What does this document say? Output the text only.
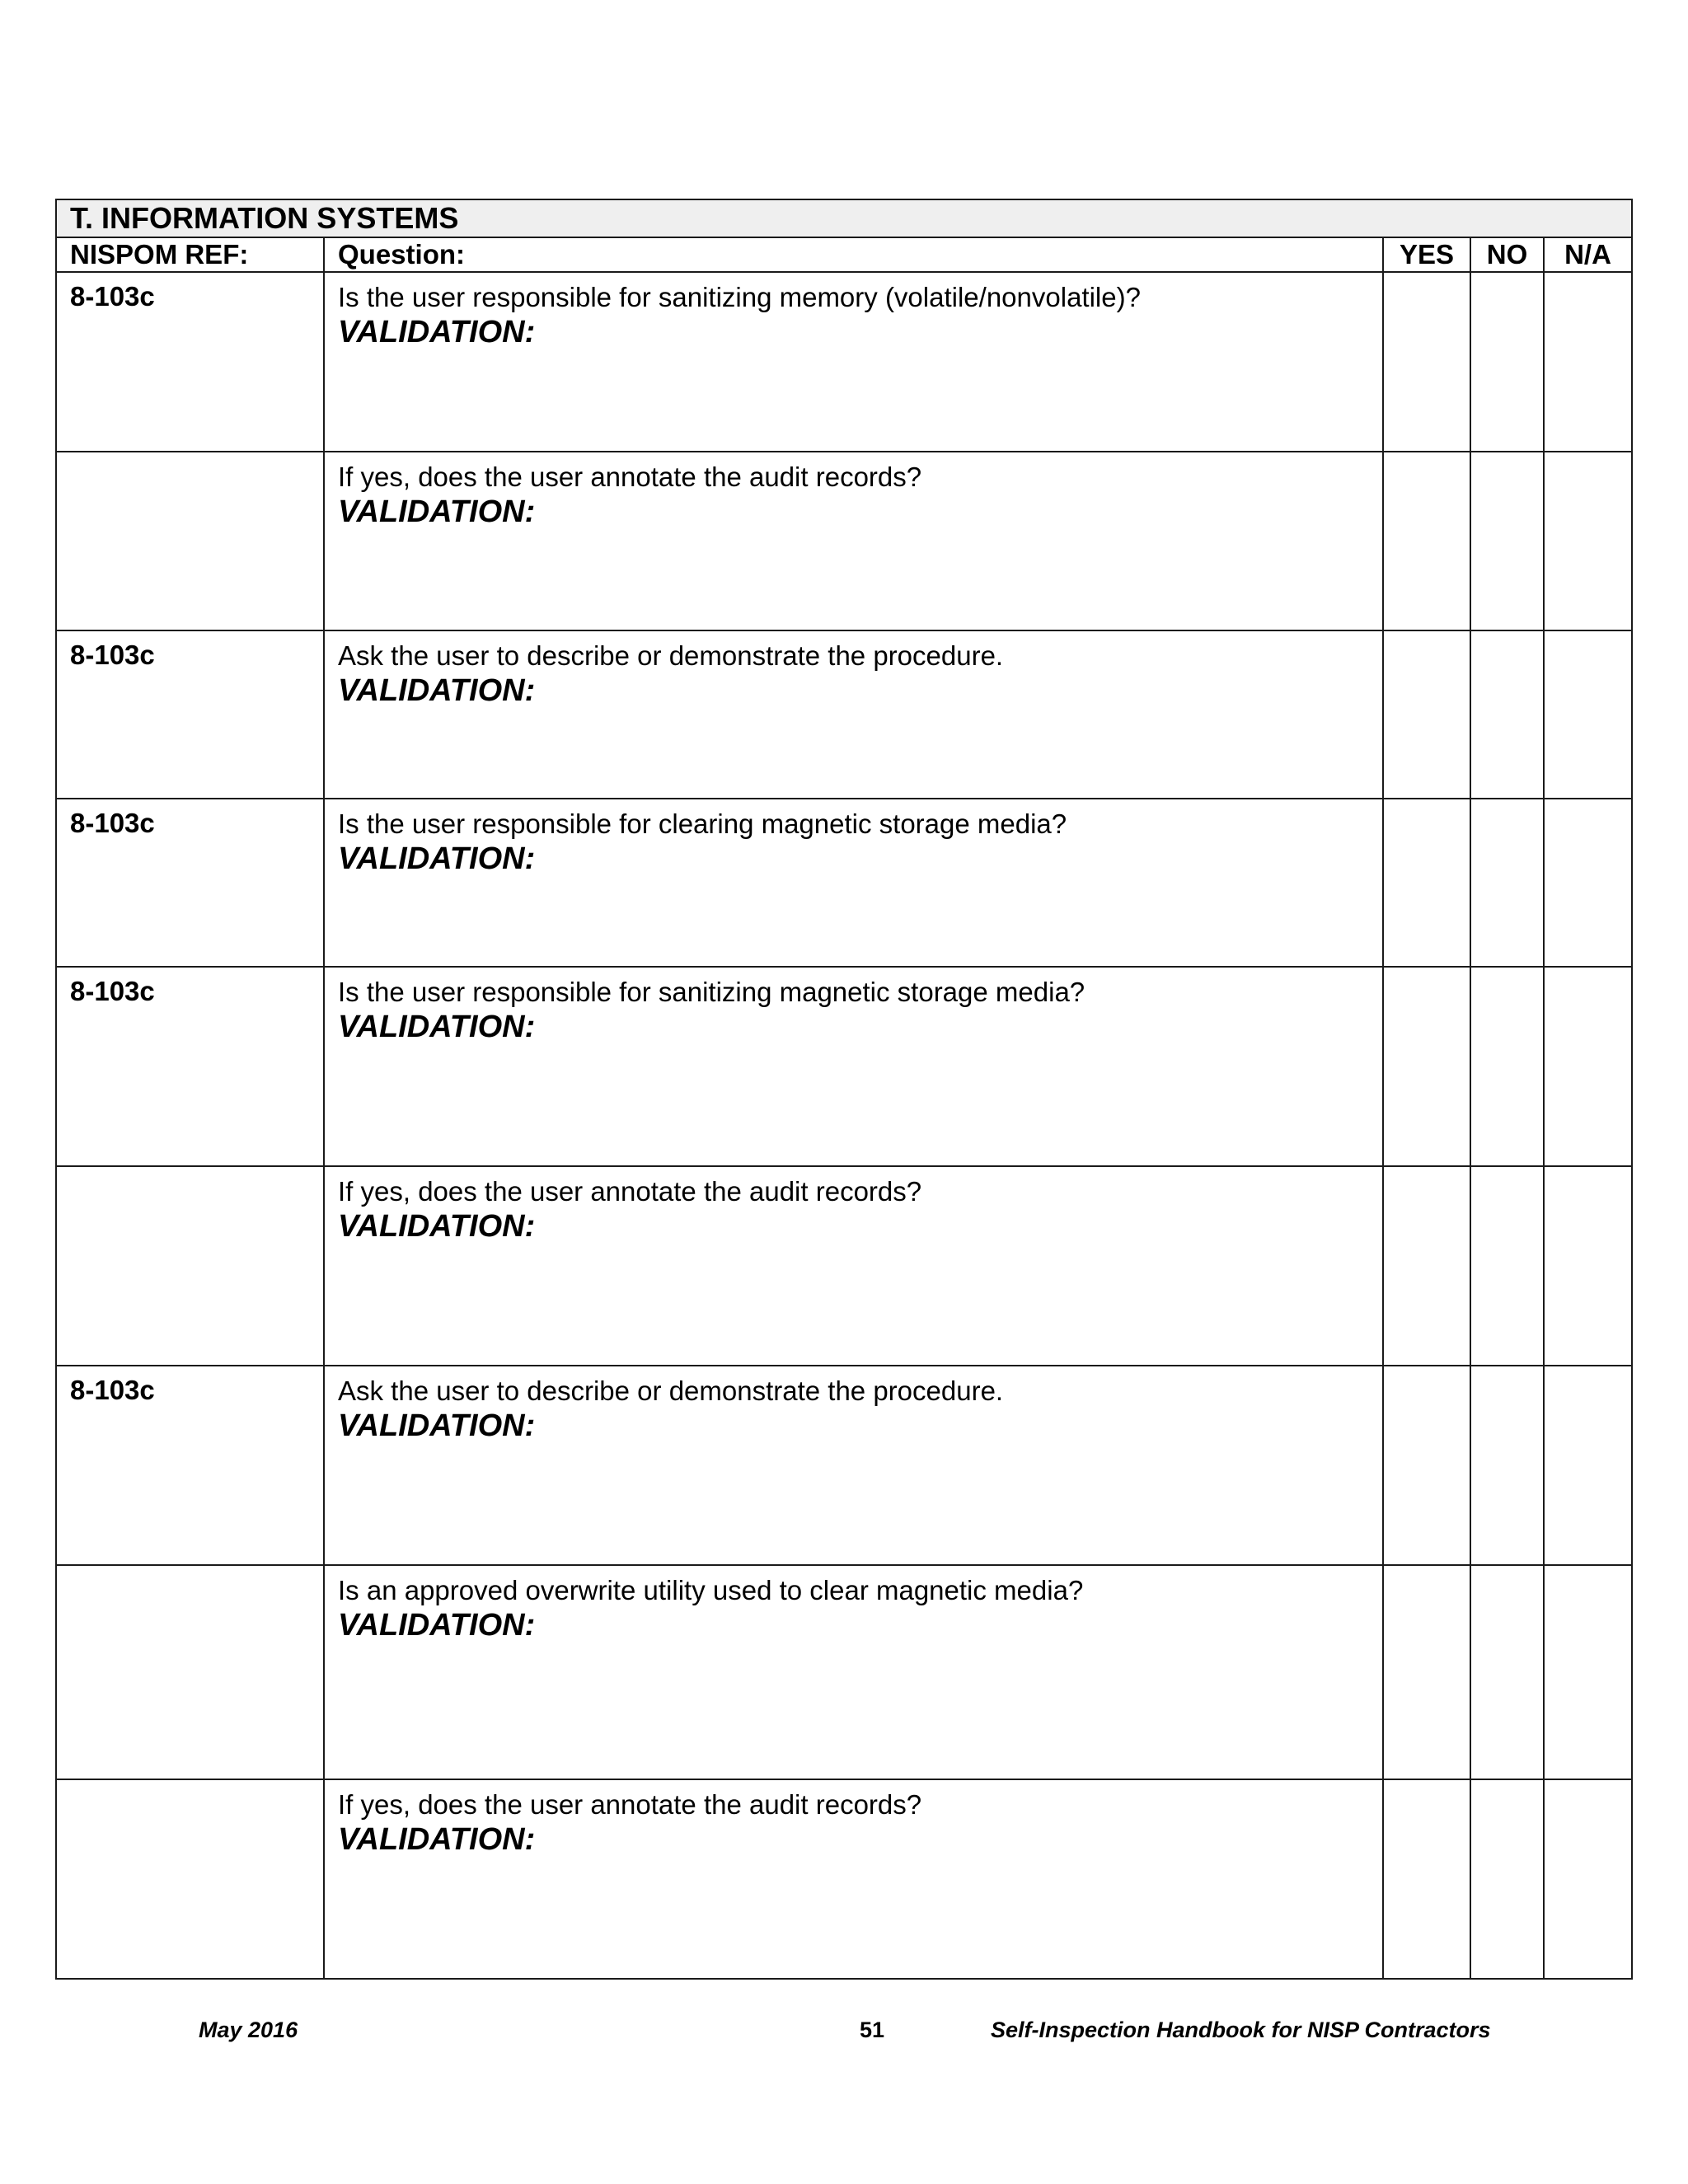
T. INFORMATION SYSTEMS				
NISPOM REF:	Question:	YES	NO	N/A
8-103c	Is the user responsible for sanitizing memory (volatile/nonvolatile)?
VALIDATION:			

	If yes, does the user annotate the audit records?
VALIDATION:			

8-103c	Ask the user to describe or demonstrate the procedure.
VALIDATION:			

8-103c	Is the user responsible for clearing magnetic storage media?
VALIDATION:			

8-103c	Is the user responsible for sanitizing magnetic storage media?
VALIDATION:			

	If yes, does the user annotate the audit records?
VALIDATION:			

8-103c	Ask the user to describe or demonstrate the procedure.
VALIDATION:			

	Is an approved overwrite utility used to clear magnetic media?
VALIDATION:			

	If yes, does the user annotate the audit records?
VALIDATION:			

May 2016	51	Self-Inspection Handbook for NISP Contractors
